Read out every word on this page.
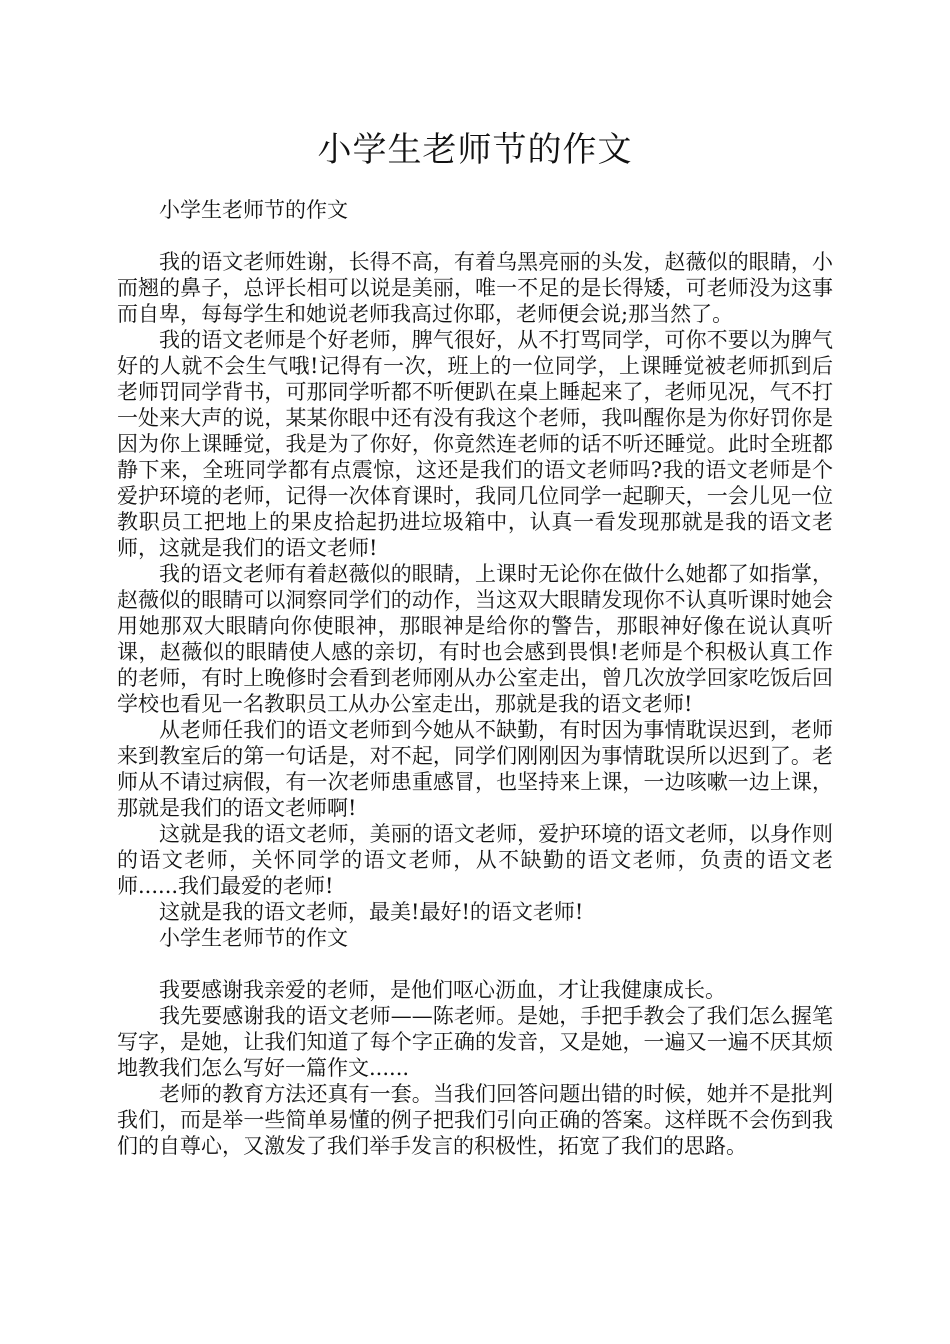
小学生老师节的作文

小学生老师节的作文

我的语文老师姓谢，长得不高，有着乌黑亮丽的头发，赵薇似的眼睛，小而翘的鼻子，总评长相可以说是美丽，唯一不足的是长得矮，可老师没为这事而自卑，每每学生和她说老师我高过你耶，老师便会说;那当然了。

我的语文老师是个好老师，脾气很好，从不打骂同学，可你不要以为脾气好的人就不会生气哦!记得有一次，班上的一位同学，上课睡觉被老师抓到后老师罚同学背书，可那同学听都不听便趴在桌上睡起来了，老师见况，气不打一处来大声的说，某某你眼中还有没有我这个老师，我叫醒你是为你好罚你是因为你上课睡觉，我是为了你好，你竟然连老师的话不听还睡觉。此时全班都静下来，全班同学都有点震惊，这还是我们的语文老师吗?我的语文老师是个爱护环境的老师，记得一次体育课时，我同几位同学一起聊天，一会儿见一位教职员工把地上的果皮拾起扔进垃圾箱中，认真一看发现那就是我的语文老师，这就是我们的语文老师!

我的语文老师有着赵薇似的眼睛，上课时无论你在做什么她都了如指掌，赵薇似的眼睛可以洞察同学们的动作，当这双大眼睛发现你不认真听课时她会用她那双大眼睛向你使眼神，那眼神是给你的警告，那眼神好像在说认真听课，赵薇似的眼睛使人感的亲切，有时也会感到畏惧!老师是个积极认真工作的老师，有时上晚修时会看到老师刚从办公室走出，曾几次放学回家吃饭后回学校也看见一名教职员工从办公室走出，那就是我的语文老师!

从老师任我们的语文老师到今她从不缺勤，有时因为事情耽误迟到，老师来到教室后的第一句话是，对不起，同学们刚刚因为事情耽误所以迟到了。老师从不请过病假，有一次老师患重感冒，也坚持来上课，一边咳嗽一边上课，那就是我们的语文老师啊!

这就是我的语文老师，美丽的语文老师，爱护环境的语文老师，以身作则的语文老师，关怀同学的语文老师，从不缺勤的语文老师，负责的语文老师......我们最爱的老师!

这就是我的语文老师，最美!最好!的语文老师!

小学生老师节的作文

我要感谢我亲爱的老师，是他们呕心沥血，才让我健康成长。

我先要感谢我的语文老师——陈老师。是她，手把手教会了我们怎么握笔写字，是她，让我们知道了每个字正确的发音，又是她，一遍又一遍不厌其烦地教我们怎么写好一篇作文......

老师的教育方法还真有一套。当我们回答问题出错的时候，她并不是批判我们，而是举一些简单易懂的例子把我们引向正确的答案。这样既不会伤到我们的自尊心，又激发了我们举手发言的积极性，拓宽了我们的思路。
